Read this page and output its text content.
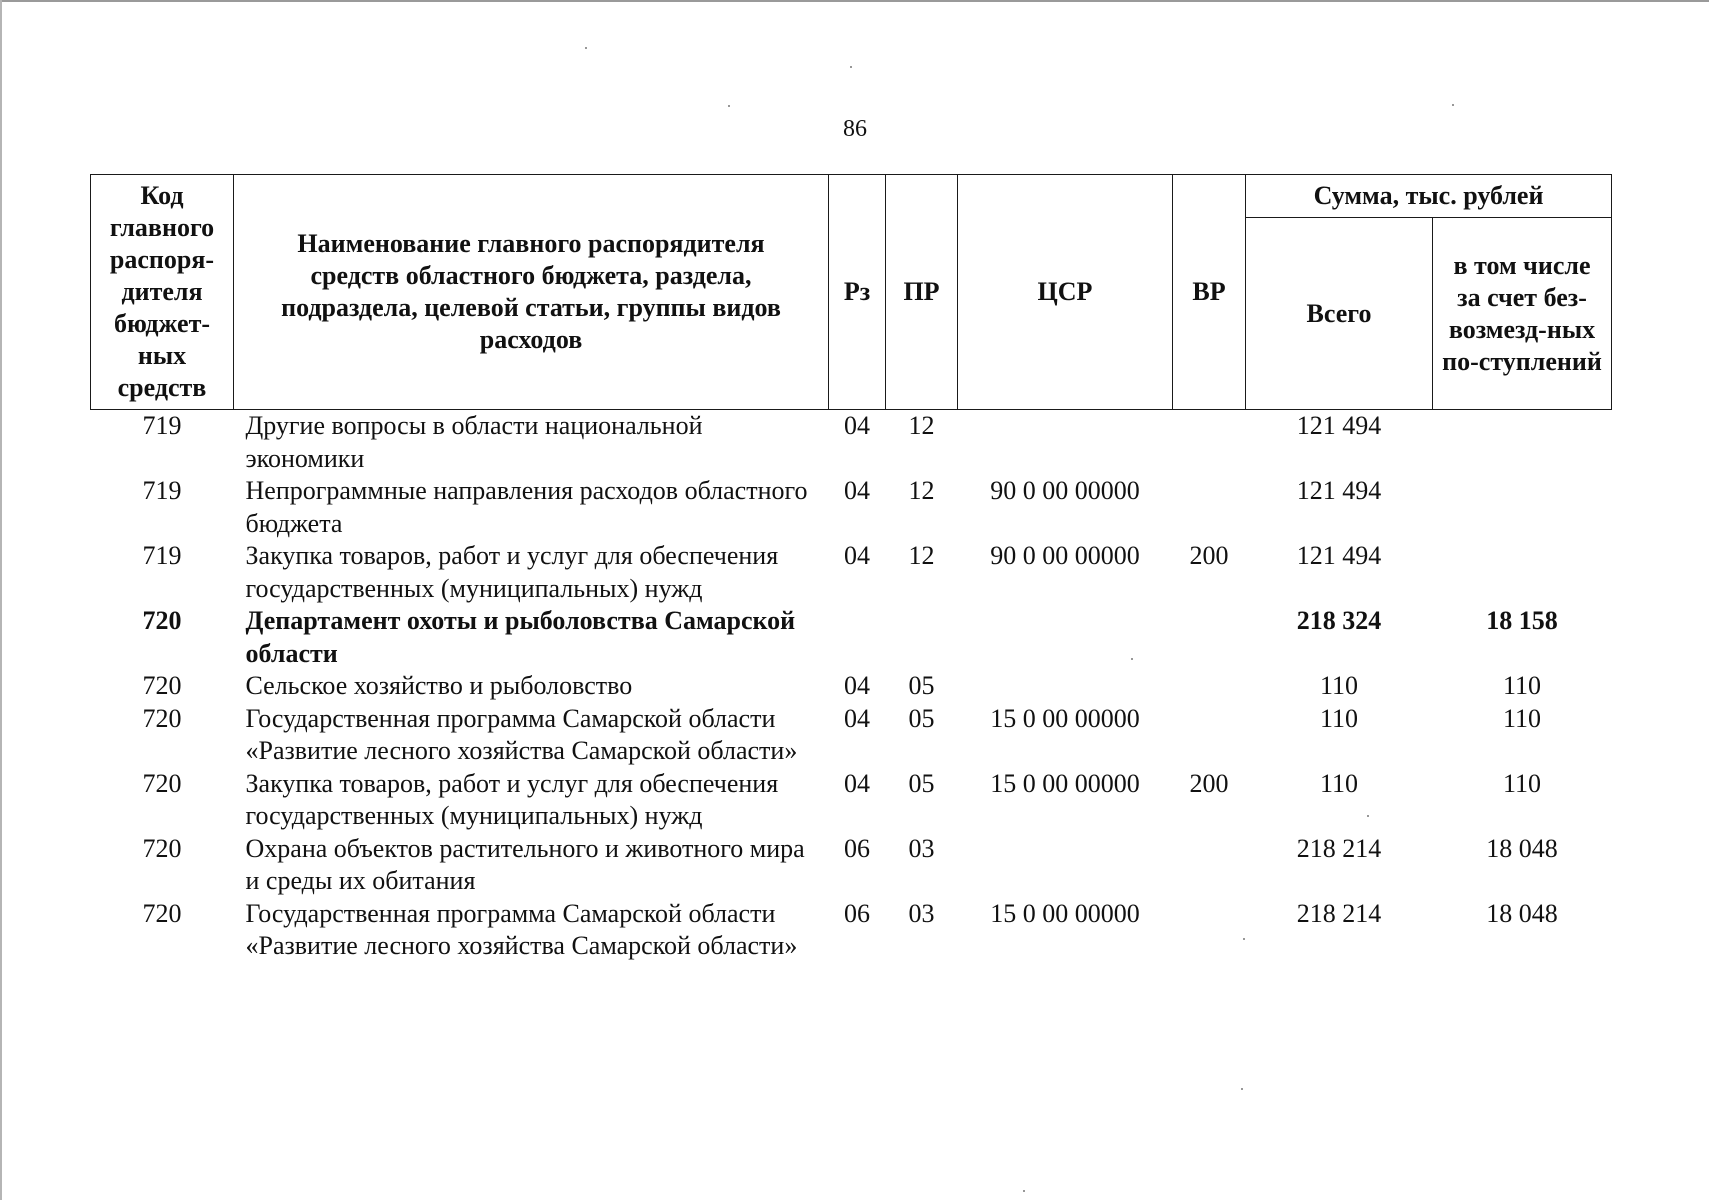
86
Код главного распоря-дителя бюджет-ных средств	Наименование главного распорядителя средств областного бюджета, раздела, подраздела, целевой статьи, группы видов расходов	Рз	ПР	ЦСР	ВР	Сумма, тыс. рублей	
						Всего	в том числе за счет без-возмезд-ных по-ступлений

719	Другие вопросы в области национальной экономики	04	12			121 494	
719	Непрограммные направления расходов областного бюджета	04	12	90 0 00 00000		121 494	
719	Закупка товаров, работ и услуг для обеспечения государственных (муниципальных) нужд	04	12	90 0 00 00000	200	121 494	
720	Департамент охоты и рыболовства Самарской области					218 324	18 158
720	Сельское хозяйство и рыболовство	04	05			110	110
720	Государственная программа Самарской области «Развитие лесного хозяйства Самарской области»	04	05	15 0 00 00000		110	110
720	Закупка товаров, работ и услуг для обеспечения государственных (муниципальных) нужд	04	05	15 0 00 00000	200	110	110
720	Охрана объектов растительного и животного мира и среды их обитания	06	03			218 214	18 048
720	Государственная программа Самарской области «Развитие лесного хозяйства Самарской области»	06	03	15 0 00 00000		218 214	18 048
